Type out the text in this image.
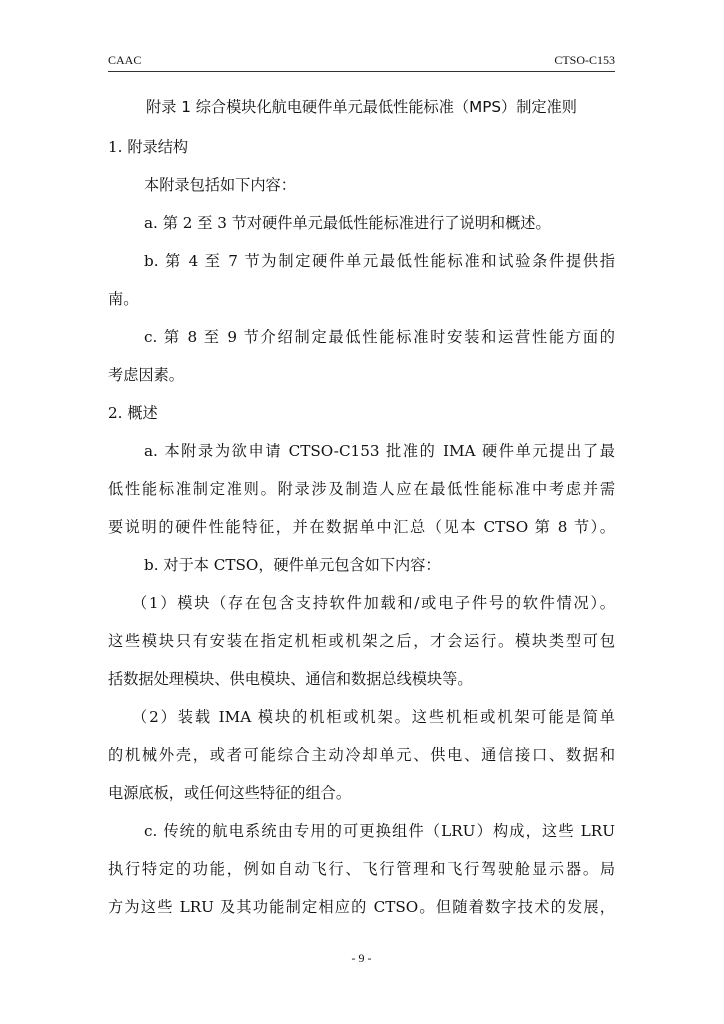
CAAC	CTSO-C153
附录 1 综合模块化航电硬件单元最低性能标准（MPS）制定准则
1. 附录结构
本附录包括如下内容：
a. 第 2 至 3 节对硬件单元最低性能标准进行了说明和概述。
b. 第 4 至 7 节为制定硬件单元最低性能标准和试验条件提供指
南。
c. 第 8 至 9 节介绍制定最低性能标准时安装和运营性能方面的
考虑因素。
2. 概述
a. 本附录为欲申请 CTSO-C153 批准的 IMA 硬件单元提出了最
低性能标准制定准则。附录涉及制造人应在最低性能标准中考虑并需
要说明的硬件性能特征，并在数据单中汇总（见本 CTSO 第 8 节）。
b. 对于本 CTSO，硬件单元包含如下内容：
（1）模块（存在包含支持软件加载和/或电子件号的软件情况）。
这些模块只有安装在指定机柜或机架之后，才会运行。模块类型可包
括数据处理模块、供电模块、通信和数据总线模块等。
（2）装载 IMA 模块的机柜或机架。这些机柜或机架可能是简单
的机械外壳，或者可能综合主动冷却单元、供电、通信接口、数据和
电源底板，或任何这些特征的组合。
c. 传统的航电系统由专用的可更换组件（LRU）构成，这些 LRU
执行特定的功能，例如自动飞行、飞行管理和飞行驾驶舱显示器。局
方为这些 LRU 及其功能制定相应的 CTSO。但随着数字技术的发展，
- 9 -
